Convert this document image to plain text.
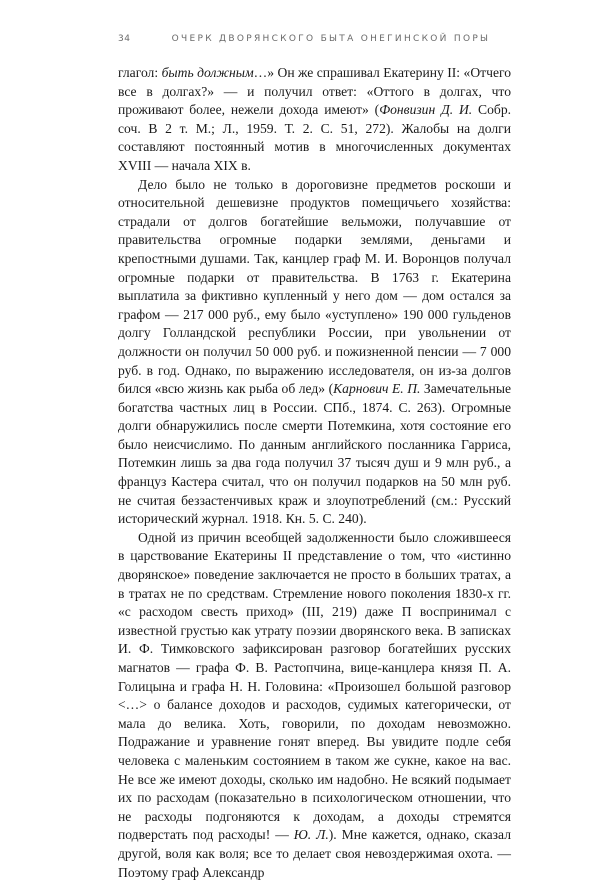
34	ОЧЕРК ДВОРЯНСКОГО БЫТА ОНЕГИНСКОЙ ПОРЫ

глагол: быть должным…» Он же спрашивал Екатерину II: «Отчего все в долгах?» — и получил ответ: «Оттого в долгах, что проживают более, нежели дохода имеют» (Фонвизин Д. И. Собр. соч. В 2 т. М.; Л., 1959. Т. 2. С. 51, 272). Жалобы на долги составляют постоянный мотив в многочисленных документах XVIII — начала XIX в.

Дело было не только в дороговизне предметов роскоши и относительной дешевизне продуктов помещичьего хозяйства: страдали от долгов богатейшие вельможи, получавшие от правительства огромные подарки землями, деньгами и крепостными душами. Так, канцлер граф М. И. Воронцов получал огромные подарки от правительства. В 1763 г. Екатерина выплатила за фиктивно купленный у него дом — дом остался за графом — 217 000 руб., ему было «уступлено» 190 000 гульденов долгу Голландской республики России, при увольнении от должности он получил 50 000 руб. и пожизненной пенсии — 7 000 руб. в год. Однако, по выражению исследователя, он из-за долгов бился «всю жизнь как рыба об лед» (Карнович Е. П. Замечательные богатства частных лиц в России. СПб., 1874. С. 263). Огромные долги обнаружились после смерти Потемкина, хотя состояние его было неисчислимо. По данным английского посланника Гарриса, Потемкин лишь за два года получил 37 тысяч душ и 9 млн руб., а француз Кастера считал, что он получил подарков на 50 млн руб. не считая беззастенчивых краж и злоупотреблений (см.: Русский исторический журнал. 1918. Кн. 5. С. 240).

Одной из причин всеобщей задолженности было сложившееся в царствование Екатерины II представление о том, что «истинно дворянское» поведение заключается не просто в больших тратах, а в тратах не по средствам. Стремление нового поколения 1830-х гг. «с расходом свесть приход» (III, 219) даже П воспринимал с известной грустью как утрату поэзии дворянского века. В записках И. Ф. Тимковского зафиксирован разговор богатейших русских магнатов — графа Ф. В. Растопчина, вице-канцлера князя П. А. Голицына и графа Н. Н. Головина: «Произошел большой разговор <…> о балансе доходов и расходов, судимых категорически, от мала до велика. Хоть, говорили, по доходам невозможно. Подражание и уравнение гонят вперед. Вы увидите подле себя человека с маленьким состоянием в таком же сукне, какое на вас. Не все же имеют доходы, сколько им надобно. Не всякий подымает их по расходам (показательно в психологическом отношении, что не расходы подгоняются к доходам, а доходы стремятся подверстать под расходы! — Ю. Л.). Мне кажется, однако, сказал другой, воля как воля; все то делает своя невоздержимая охота. — Поэтому граф Александр
